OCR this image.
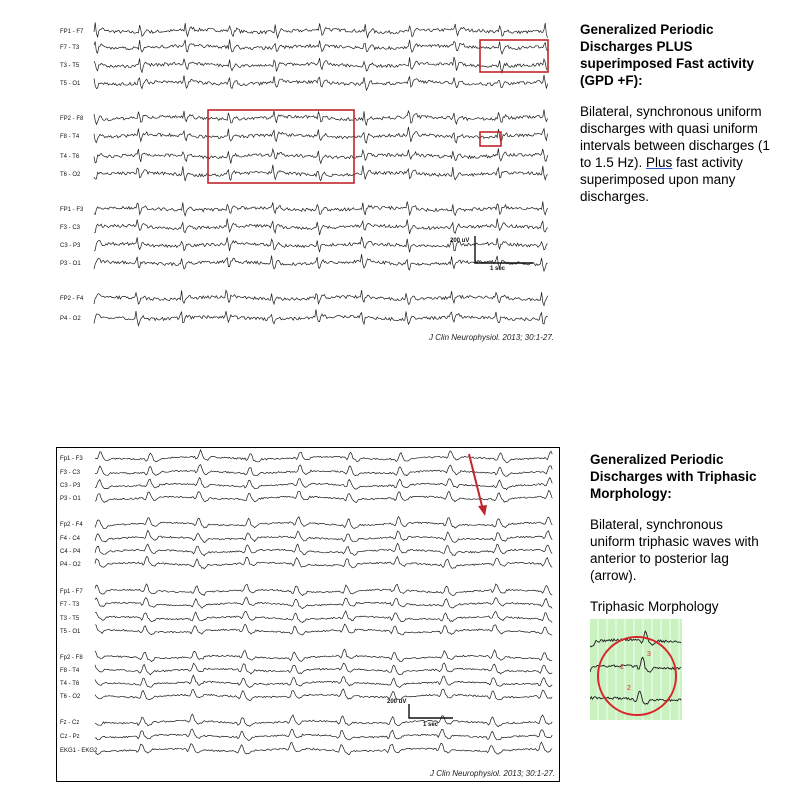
FP1 - F7
F7 - T3
T3 - T5
T5 - O1
FP2 - F8
F8 - T4
T4 - T6
T6 - O2
FP1 - F3
F3 - C3
C3 - P3
P3 - O1
FP2 - F4
P4 - O2
200 uV
1 sec
J Clin Neurophysiol. 2013; 30:1-27.
Generalized Periodic Discharges PLUS superimposed Fast activity (GPD +F):

Bilateral, synchronous uniform discharges with quasi uniform intervals between discharges (1 to 1.5 Hz). Plus fast activity superimposed upon many discharges.

Fp1 - F3
F3 - C3
C3 - P3
P3 - O1
Fp2 - F4
F4 - C4
C4 - P4
P4 - O2
Fp1 - F7
F7 - T3
T3 - T5
T5 - O1
Fp2 - F8
F8 - T4
T4 - T6
T6 - O2
Fz - Cz
Cz - Pz
EKG1 - EKG2
200 uV
1 sec
J Clin Neurophysiol. 2013; 30:1-27.
Generalized Periodic Discharges with Triphasic Morphology:

Bilateral, synchronous uniform triphasic waves with anterior to posterior lag (arrow).

Triphasic Morphology

1
2
3
